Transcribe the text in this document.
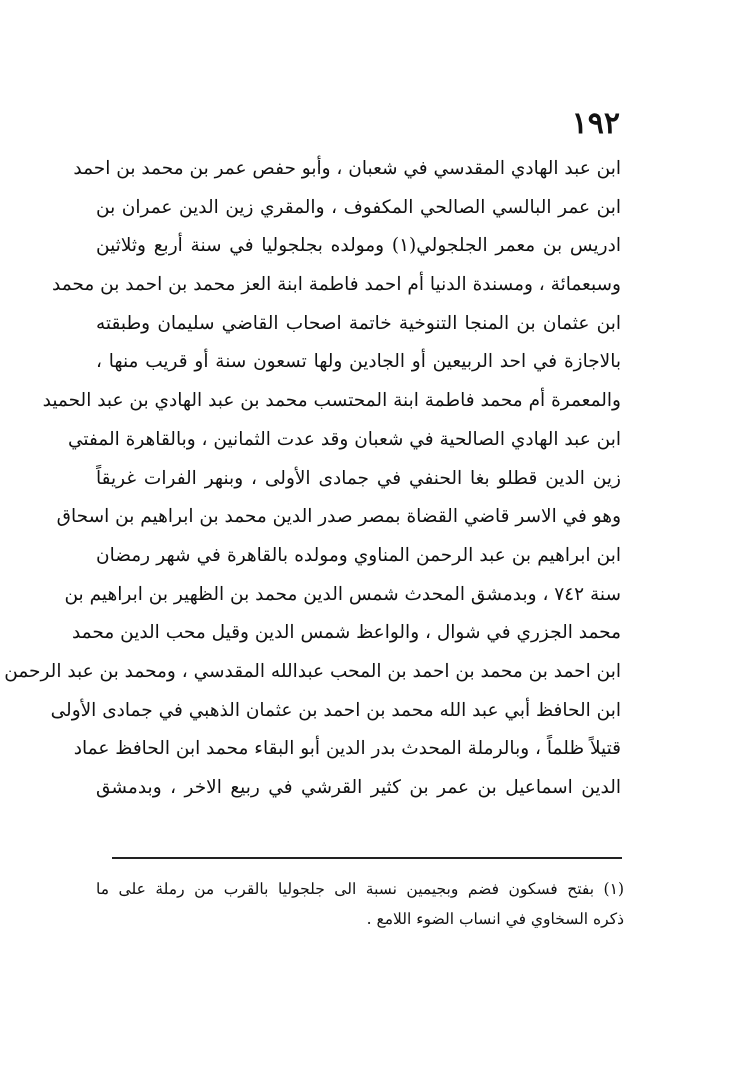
١٩٢
ابن عبد الهادي المقدسي في شعبان ، وأبو حفص عمر بن محمد بن احمد
ابن عمر البالسي الصالحي المكفوف ، والمقري زين الدين عمران بن
ادريس بن معمر الجلجولي(١) ومولده بجلجوليا في سنة أربع وثلاثين
وسبعمائة ، ومسندة الدنيا أم احمد فاطمة ابنة العز محمد بن احمد بن محمد
ابن عثمان بن المنجا التنوخية خاتمة اصحاب القاضي سليمان وطبقته
بالاجازة في احد الربيعين أو الجادين ولها تسعون سنة أو قريب منها ،
والمعمرة أم محمد فاطمة ابنة المحتسب محمد بن عبد الهادي بن عبد الحميد
ابن عبد الهادي الصالحية في شعبان وقد عدت الثمانين ، وبالقاهرة المفتي
زين الدين قطلو بغا الحنفي في جمادى الأولى ، وبنهر الفرات غريقاً
وهو في الاسر قاضي القضاة بمصر صدر الدين محمد بن ابراهيم بن اسحاق
ابن ابراهيم بن عبد الرحمن المناوي ومولده بالقاهرة في شهر رمضان
سنة ٧٤٢ ، وبدمشق المحدث شمس الدين محمد بن الظهير بن ابراهيم بن
محمد الجزري في شوال ، والواعظ شمس الدين وقيل محب الدين محمد
ابن احمد بن محمد بن احمد بن المحب عبدالله المقدسي ، ومحمد بن عبد الرحمن
ابن الحافظ أبي عبد الله محمد بن احمد بن عثمان الذهبي في جمادى الأولى
قتيلاً ظلماً ، وبالرملة المحدث بدر الدين أبو البقاء محمد ابن الحافظ عماد
الدين اسماعيل بن عمر بن كثير القرشي في ربيع الاخر ، وبدمشق
(١) بفتح فسكون فضم وبجيمين نسبة الى جلجوليا بالقرب من رملة على ما
ذكره السخاوي في انساب الضوء اللامع .
